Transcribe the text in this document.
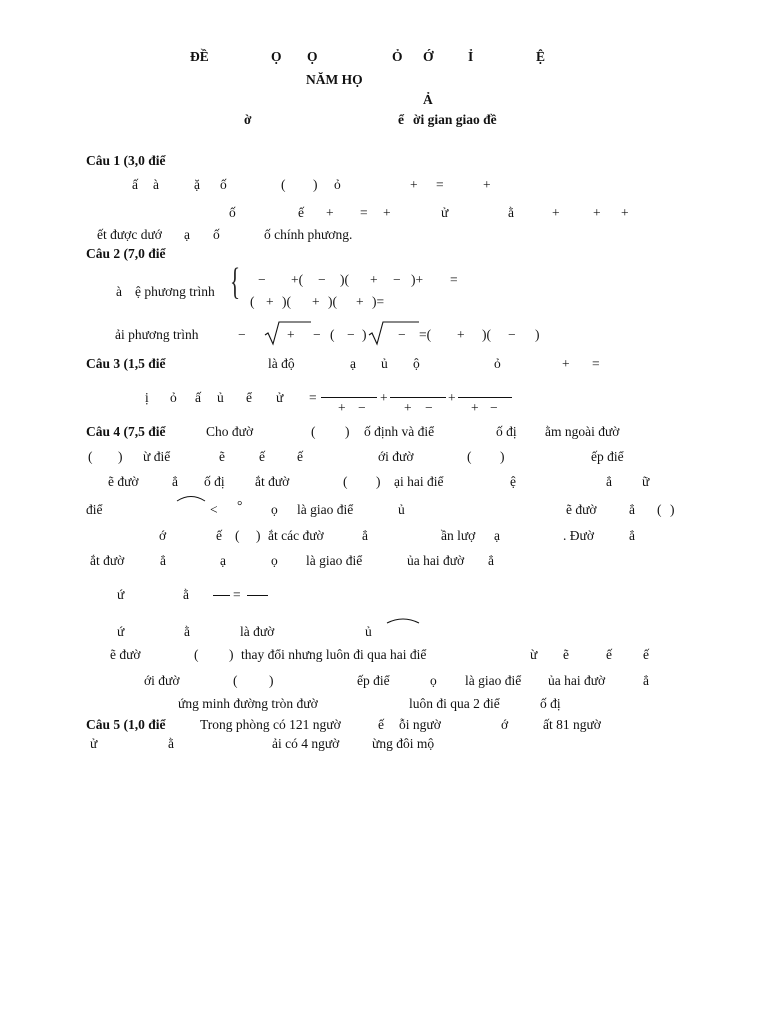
ĐỀ	Ọ Ọ	Ỏ Ớ	Ỉ	Ệ
NĂM HỌ
Ả
ờ	ể ời gian giao đề
Câu 1 (3,0 điể
ấ à	ặ ố	( ) ỏ	+ =	+
ố	ế + = +	ử	ằ	+ + +
ết được dướ ạ ố	ố chính phương.
Câu 2 (7,0 điể
à ệ phương trình { − +( − )( + − )+ =
( + )( + )( + )=
ải phương trình	−	+ − ( − ) − =( + )( − )
Câu 3 (1,5 điể	là độ	ạ ủ ộ	ỏ	+ =
ị ỏ ấ ủ ể ử =
+ −
+
+ −
+
+ −
Câu 4 (7,5 điể	Cho đườ	( ) ố định và điể	ố đị ằm ngoài đườ
( ) ừ điể	ẽ	ế ế	ới đườ	( )	ếp điể
ẽ đườ ẳ ố đị ắt đườ	( ) ại hai điể	ệ	ẳ ữ
điể	< ° ọ là giao điể	ủ	ẽ đườ ẳ ( )
ớ	ế ( ) ắt các đườ	ẳ	ần lượ ạ	. Đườ	ẳ
ắt đườ	ẳ	ạ	ọ là giao điể	ủa hai đườ ẳ
ứ	ằ	=
ứ	ằ	là đườ	ủ
ẽ đườ	( ) thay đổi nhưng luôn đi qua hai điể	ừ ẽ	ế ế
ới đườ	( )	ếp điể	ọ là giao điể ủa hai đườ	ẳ
ứng minh đường tròn đườ	luôn đi qua 2 điể	ố đị
Câu 5 (1,0 điể	Trong phòng có 121 ngườ	ế ỗi ngườ	ớ	ất 81 ngườ
ử	ằ	ải có 4 ngườ ừng đôi mộ
